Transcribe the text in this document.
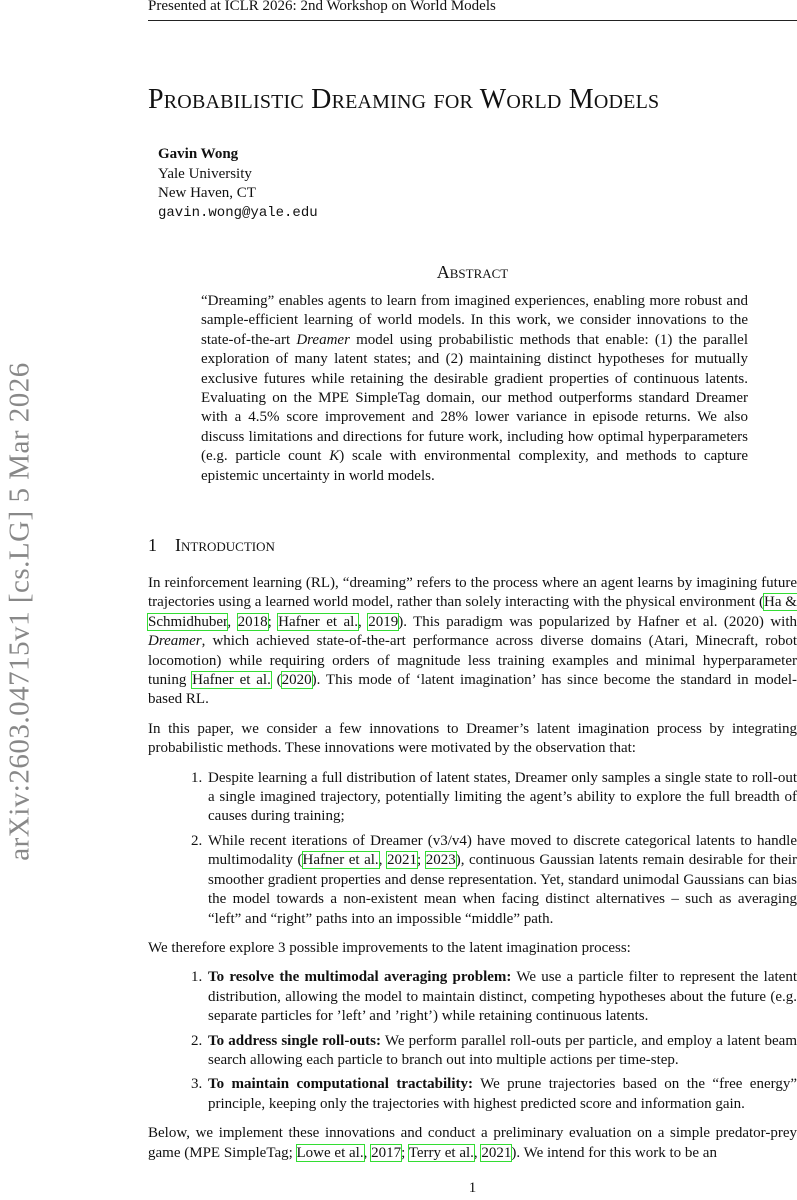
Presented at ICLR 2026: 2nd Workshop on World Models
arXiv:2603.04715v1 [cs.LG] 5 Mar 2026
Probabilistic Dreaming for World Models
Gavin Wong
Yale University
New Haven, CT
gavin.wong@yale.edu
Abstract
“Dreaming” enables agents to learn from imagined experiences, enabling more robust and sample-efficient learning of world models. In this work, we consider innovations to the state-of-the-art Dreamer model using probabilistic methods that enable: (1) the parallel exploration of many latent states; and (2) maintaining distinct hypotheses for mutually exclusive futures while retaining the desirable gradient properties of continuous latents. Evaluating on the MPE SimpleTag domain, our method outperforms standard Dreamer with a 4.5% score improvement and 28% lower variance in episode returns. We also discuss limitations and directions for future work, including how optimal hyperparameters (e.g. particle count K) scale with environmental complexity, and methods to capture epistemic uncertainty in world models.
1 Introduction

In reinforcement learning (RL), “dreaming” refers to the process where an agent learns by imagining future trajectories using a learned world model, rather than solely interacting with the physical environment (Ha & Schmidhuber, 2018; Hafner et al., 2019). This paradigm was popularized by Hafner et al. (2020) with Dreamer, which achieved state-of-the-art performance across diverse domains (Atari, Minecraft, robot locomotion) while requiring orders of magnitude less training examples and minimal hyperparameter tuning Hafner et al. (2020). This mode of ‘latent imagination’ has since become the standard in model-based RL.

In this paper, we consider a few innovations to Dreamer’s latent imagination process by integrating probabilistic methods. These innovations were motivated by the observation that:

1. Despite learning a full distribution of latent states, Dreamer only samples a single state to roll-out a single imagined trajectory, potentially limiting the agent’s ability to explore the full breadth of causes during training;
2. While recent iterations of Dreamer (v3/v4) have moved to discrete categorical latents to handle multimodality (Hafner et al., 2021; 2023), continuous Gaussian latents remain desirable for their smoother gradient properties and dense representation. Yet, standard unimodal Gaussians can bias the model towards a non-existent mean when facing distinct alternatives – such as averaging “left” and “right” paths into an impossible “middle” path.

We therefore explore 3 possible improvements to the latent imagination process:

1. To resolve the multimodal averaging problem: We use a particle filter to represent the latent distribution, allowing the model to maintain distinct, competing hypotheses about the future (e.g. separate particles for ’left’ and ’right’) while retaining continuous latents.
2. To address single roll-outs: We perform parallel roll-outs per particle, and employ a latent beam search allowing each particle to branch out into multiple actions per time-step.
3. To maintain computational tractability: We prune trajectories based on the “free energy” principle, keeping only the trajectories with highest predicted score and information gain.

Below, we implement these innovations and conduct a preliminary evaluation on a simple predator-prey game (MPE SimpleTag; Lowe et al., 2017; Terry et al., 2021). We intend for this work to be an

1
